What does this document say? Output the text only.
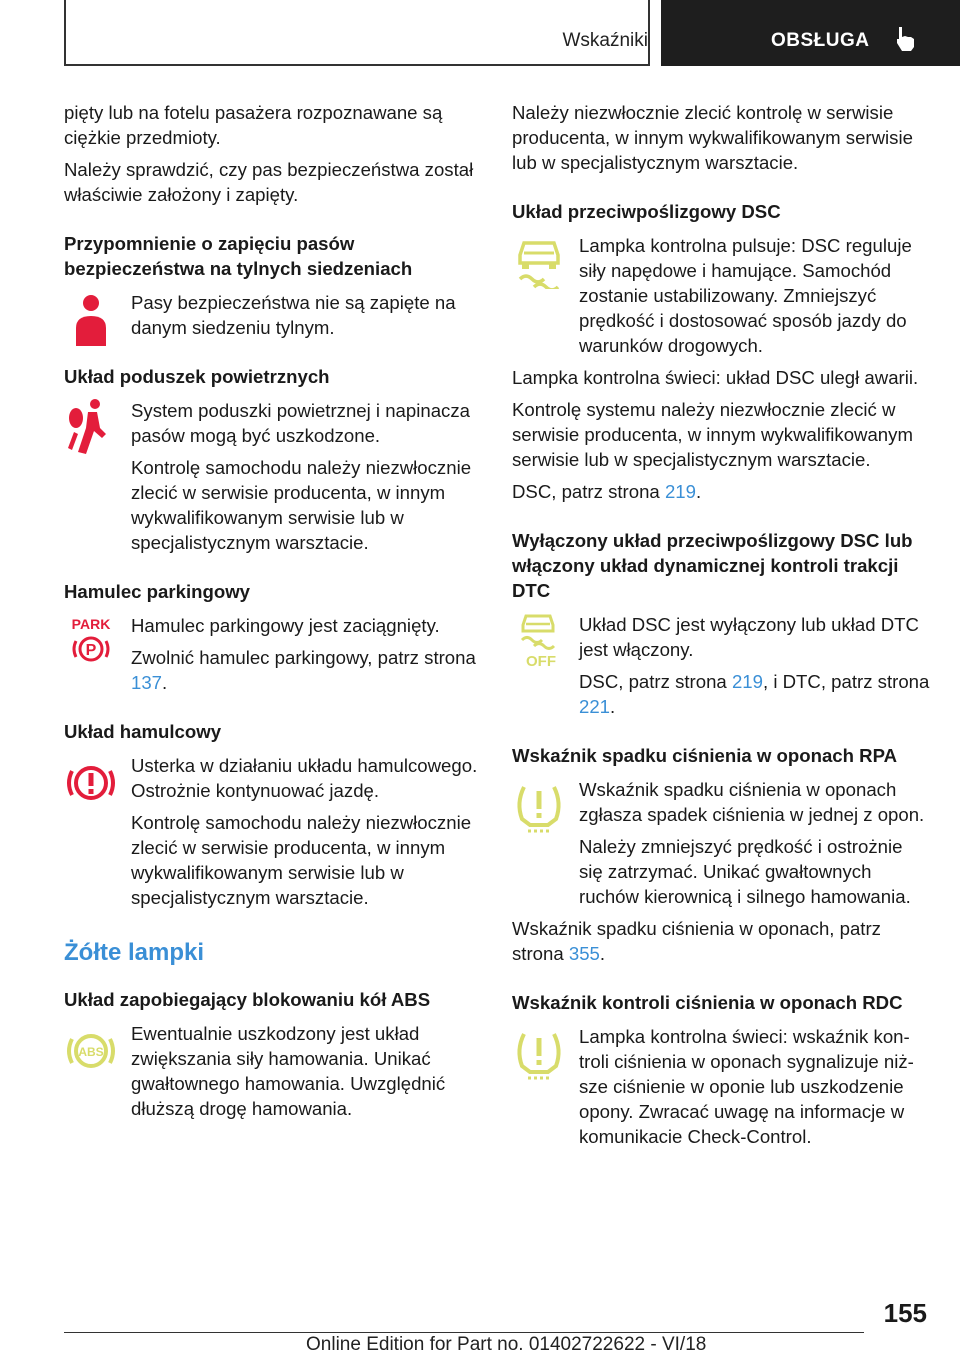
Wskaźniki	OBSŁUGA

pięty lub na fotelu pasażera rozpoznawane są ciężkie przedmioty.

Należy sprawdzić, czy pas bezpieczeństwa został właściwie założony i zapięty.

Przypomnienie o zapięciu pasów bezpieczeństwa na tylnych siedzeniach

Pasy bezpieczeństwa nie są zapięte na danym siedzeniu tylnym.

Układ poduszek powietrznych

System poduszki powietrznej i napinacza pasów mogą być uszkodzone.

Kontrolę samochodu należy niezwłocznie zlecić w serwisie producenta, w innym wykwalifikowanym serwisie lub w specjalistycznym warsztacie.

Hamulec parkingowy
PARK
P

Hamulec parkingowy jest zaciągnięty.

Zwolnić hamulec parkingowy, patrz strona 137.

Układ hamulcowy

Usterka w działaniu układu hamulcowego. Ostrożnie kontynuować jazdę.

Kontrolę samochodu należy niezwłocznie zlecić w serwisie producenta, w innym wykwalifikowanym serwisie lub w specjalistycznym warsztacie.

Żółte lampki
Układ zapobiegający blokowaniu kół ABS
ABS

Ewentualnie uszkodzony jest układ zwiększania siły hamowania. Unikać gwałtownego hamowania. Uwzględnić dłuższą drogę hamowania.

Należy niezwłocznie zlecić kontrolę w serwisie producenta, w innym wykwalifikowanym serwisie lub w specjalistycznym warsztacie.

Układ przeciwpoślizgowy DSC

Lampka kontrolna pulsuje: DSC reguluje siły napędowe i hamujące. Samochód zostanie ustabilizowany. Zmniejszyć prędkość i dostosować sposób jazdy do warunków drogowych.

Lampka kontrolna świeci: układ DSC uległ awarii.

Kontrolę systemu należy niezwłocznie zlecić w serwisie producenta, w innym wykwalifikowanym serwisie lub w specjalistycznym warsztacie.

DSC, patrz strona 219.

Wyłączony układ przeciwpoślizgowy DSC lub włączony układ dynamicznej kontroli trakcji DTC
OFF

Układ DSC jest wyłączony lub układ DTC jest włączony.

DSC, patrz strona 219, i DTC, patrz strona 221.

Wskaźnik spadku ciśnienia w oponach RPA

Wskaźnik spadku ciśnienia w oponach zgłasza spadek ciśnienia w jednej z opon.

Należy zmniejszyć prędkość i ostrożnie się zatrzymać. Unikać gwałtownych ruchów kierownicą i silnego hamowania.

Wskaźnik spadku ciśnienia w oponach, patrz strona 355.

Wskaźnik kontroli ciśnienia w oponach RDC

Lampka kontrolna świeci: wskaźnik kontroli ciśnienia w oponach sygnalizuje niższe ciśnienie w oponie lub uszkodzenie opony. Zwracać uwagę na informacje w komunikacie Check-Control.

155
Online Edition for Part no. 01402722622 - VI/18
